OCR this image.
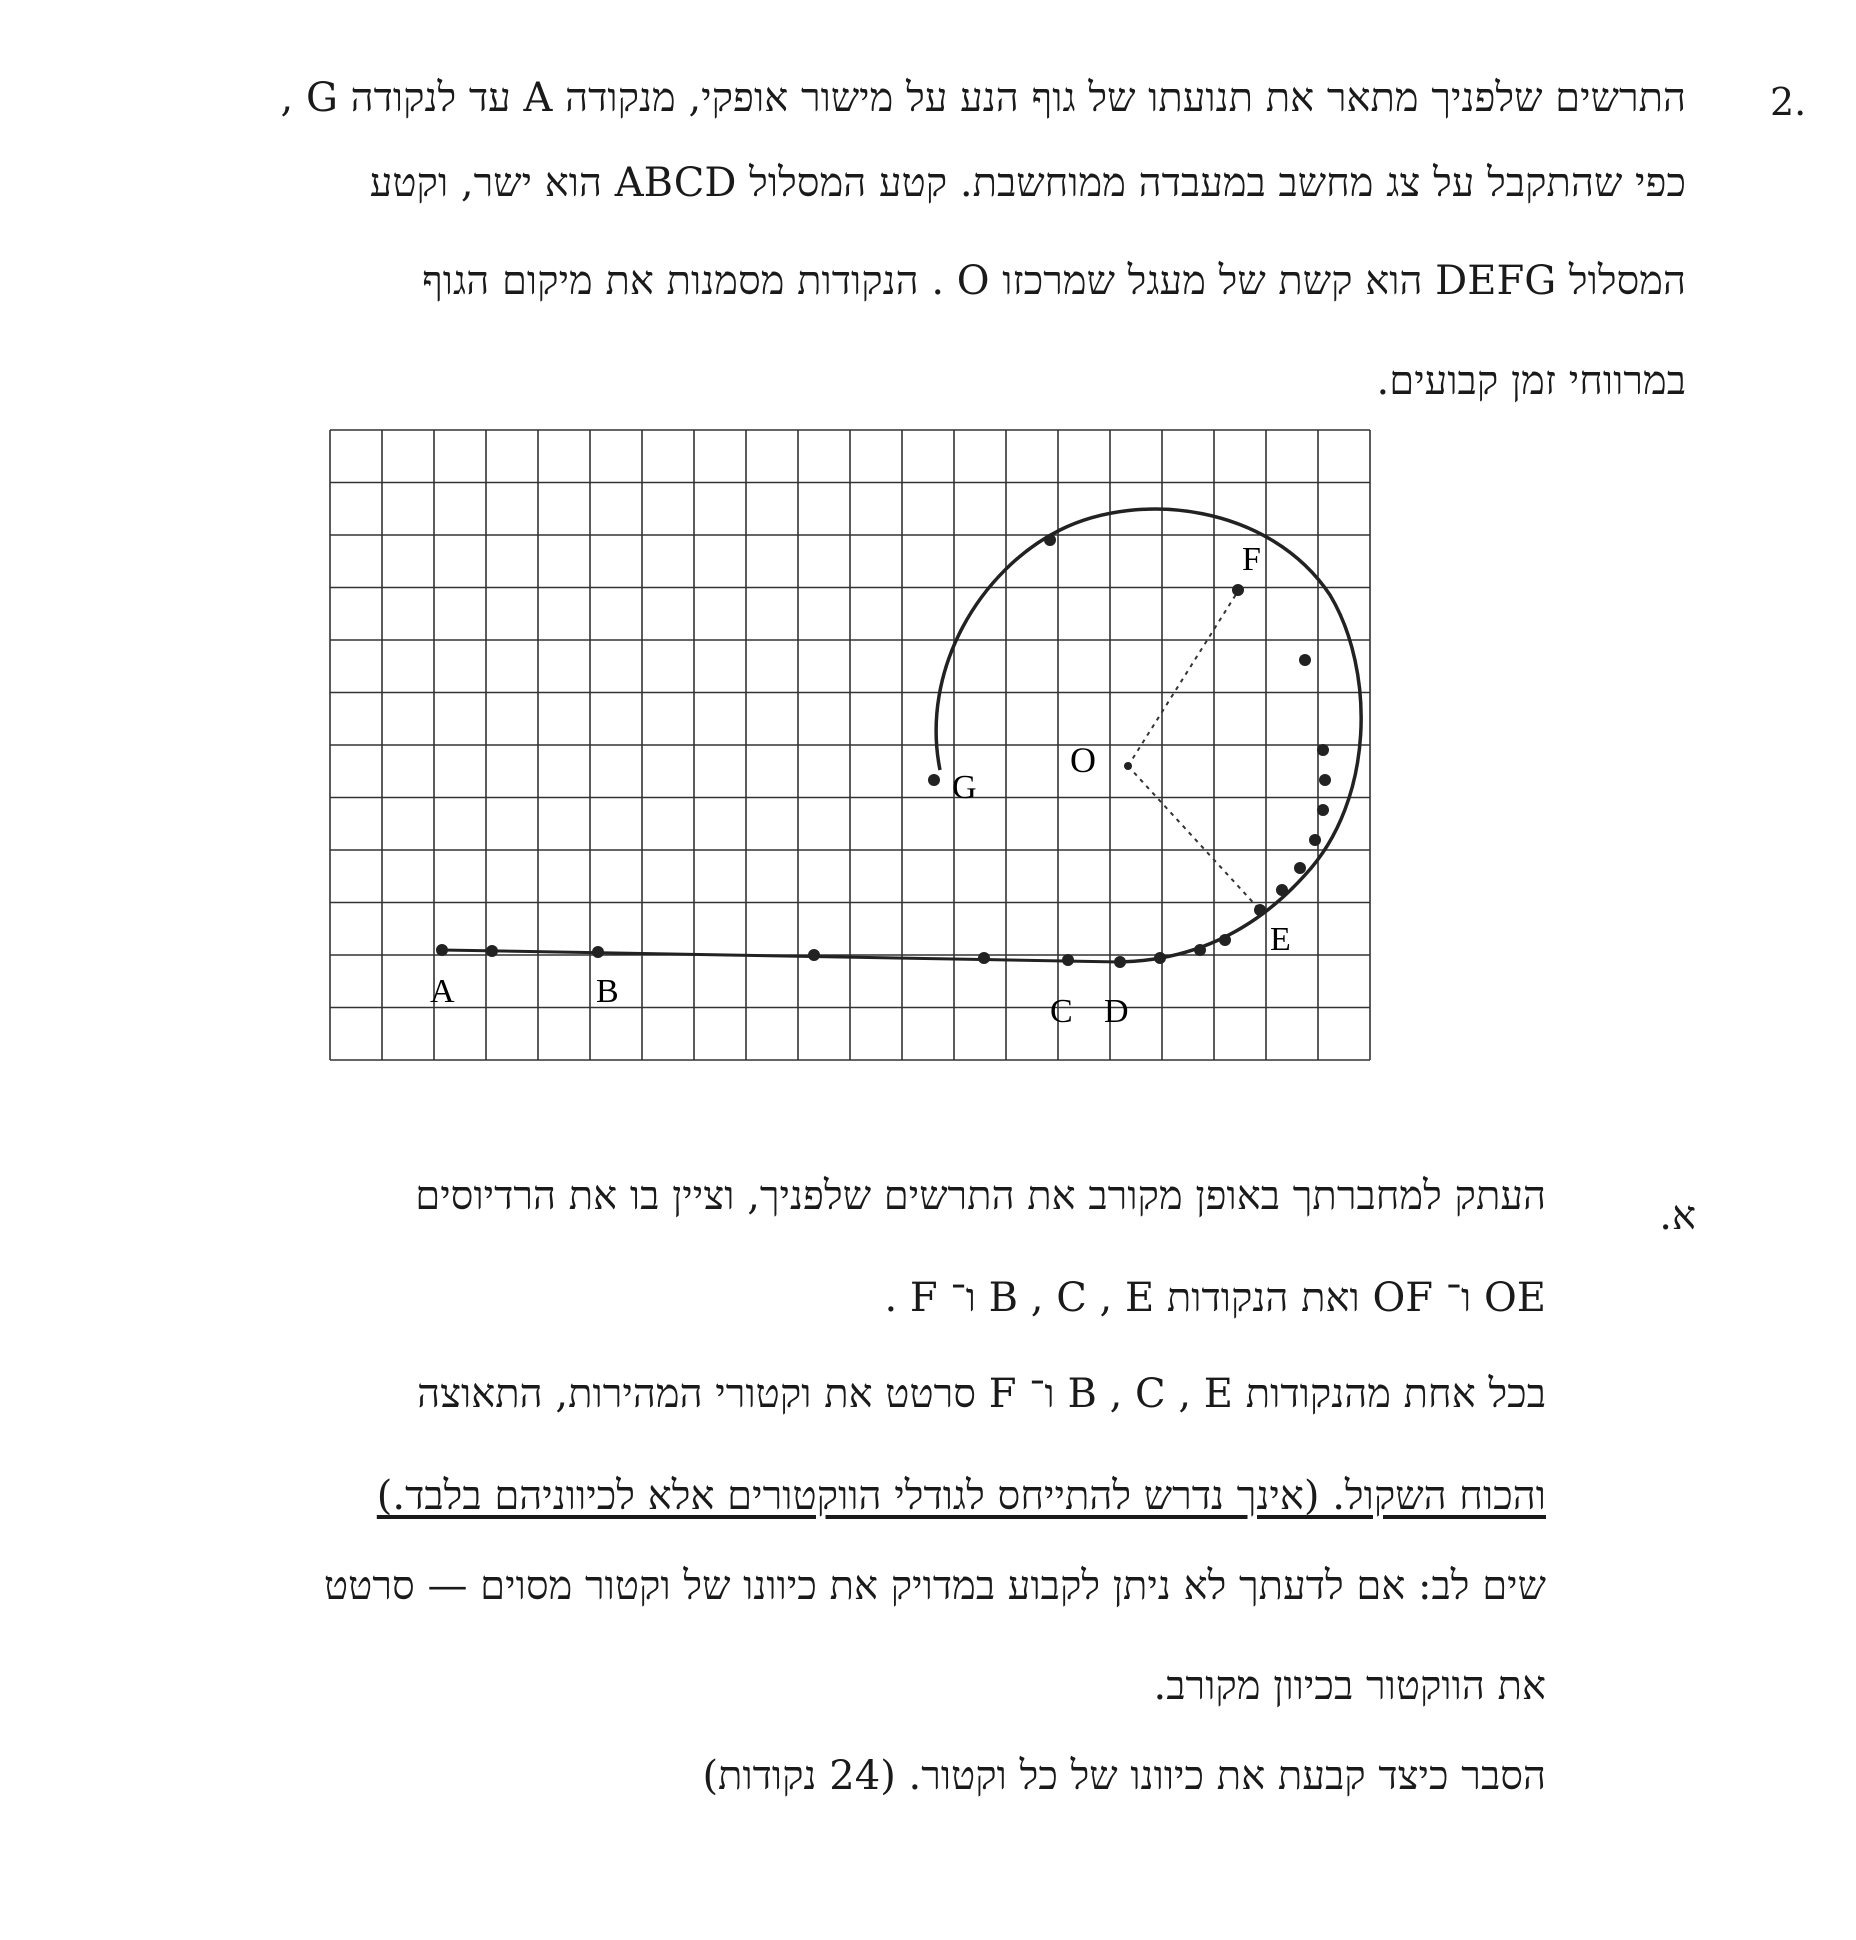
2.
התרשים שלפניך מתאר את תנועתו של גוף הנע על מישור אופקי, מנקודה A עד לנקודה G ,
כפי שהתקבל על צג מחשב במעבדה ממוחשבת. קטע המסלול ABCD הוא ישר, וקטע
המסלול DEFG הוא קשת של מעגל שמרכזו O . הנקודות מסמנות את מיקום הגוף
במרווחי זמן קבועים.
A	B
C D
E
F
G
O
א.
העתק למחברתך באופן מקורב את התרשים שלפניך, וציין בו את הרדיוסים
OE ו־ OF ואת הנקודות B , C , E ו־ F .
בכל אחת מהנקודות B , C , E ו־ F סרטט את וקטורי המהירות, התאוצה
והכוח השקול. (אינך נדרש להתייחס לגודלי הווקטורים אלא לכיווניהם בלבד.)
שים לב: אם לדעתך לא ניתן לקבוע במדויק את כיוונו של וקטור מסוים — סרטט
את הווקטור בכיוון מקורב.
הסבר כיצד קבעת את כיוונו של כל וקטור. (24 נקודות)
